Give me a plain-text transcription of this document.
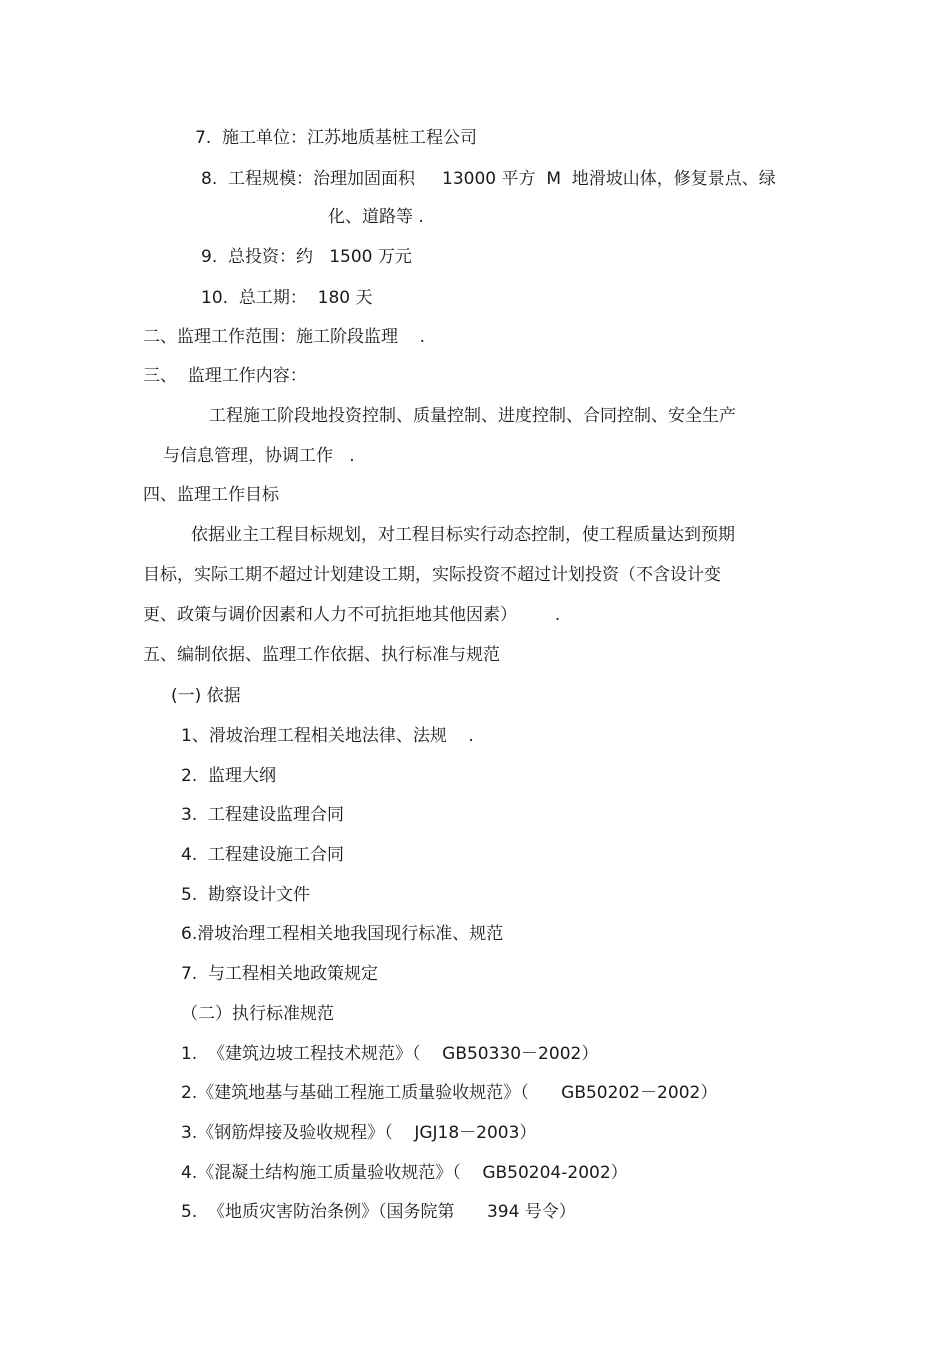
7.  施工单位：江苏地质基桩工程公司
8.  工程规模：治理加固面积     13000 平方  M  地滑坡山体，修复景点、绿
化、道路等 .
9.  总投资：约   1500 万元
10.  总工期：  180 天
二、监理工作范围：施工阶段监理    .
三、  监理工作内容：
工程施工阶段地投资控制、质量控制、进度控制、合同控制、安全生产
与信息管理，协调工作   .
四、监理工作目标
依据业主工程目标规划，对工程目标实行动态控制，使工程质量达到预期
目标，实际工期不超过计划建设工期，实际投资不超过计划投资（不含设计变
更、政策与调价因素和人力不可抗拒地其他因素）       .
五、编制依据、监理工作依据、执行标准与规范
(一) 依据
1、滑坡治理工程相关地法律、法规    .
2.  监理大纲
3.  工程建设监理合同
4.  工程建设施工合同
5.  勘察设计文件
6.滑坡治理工程相关地我国现行标准、规范
7.  与工程相关地政策规定
（二）执行标准规范
1.  《建筑边坡工程技术规范》（    GB50330－2002）
2.《建筑地基与基础工程施工质量验收规范》（      GB50202－2002）
3.《钢筋焊接及验收规程》（    JGJ18－2003）
4.《混凝土结构施工质量验收规范》（    GB50204-2002）
5.  《地质灾害防治条例》（国务院第      394 号令）
